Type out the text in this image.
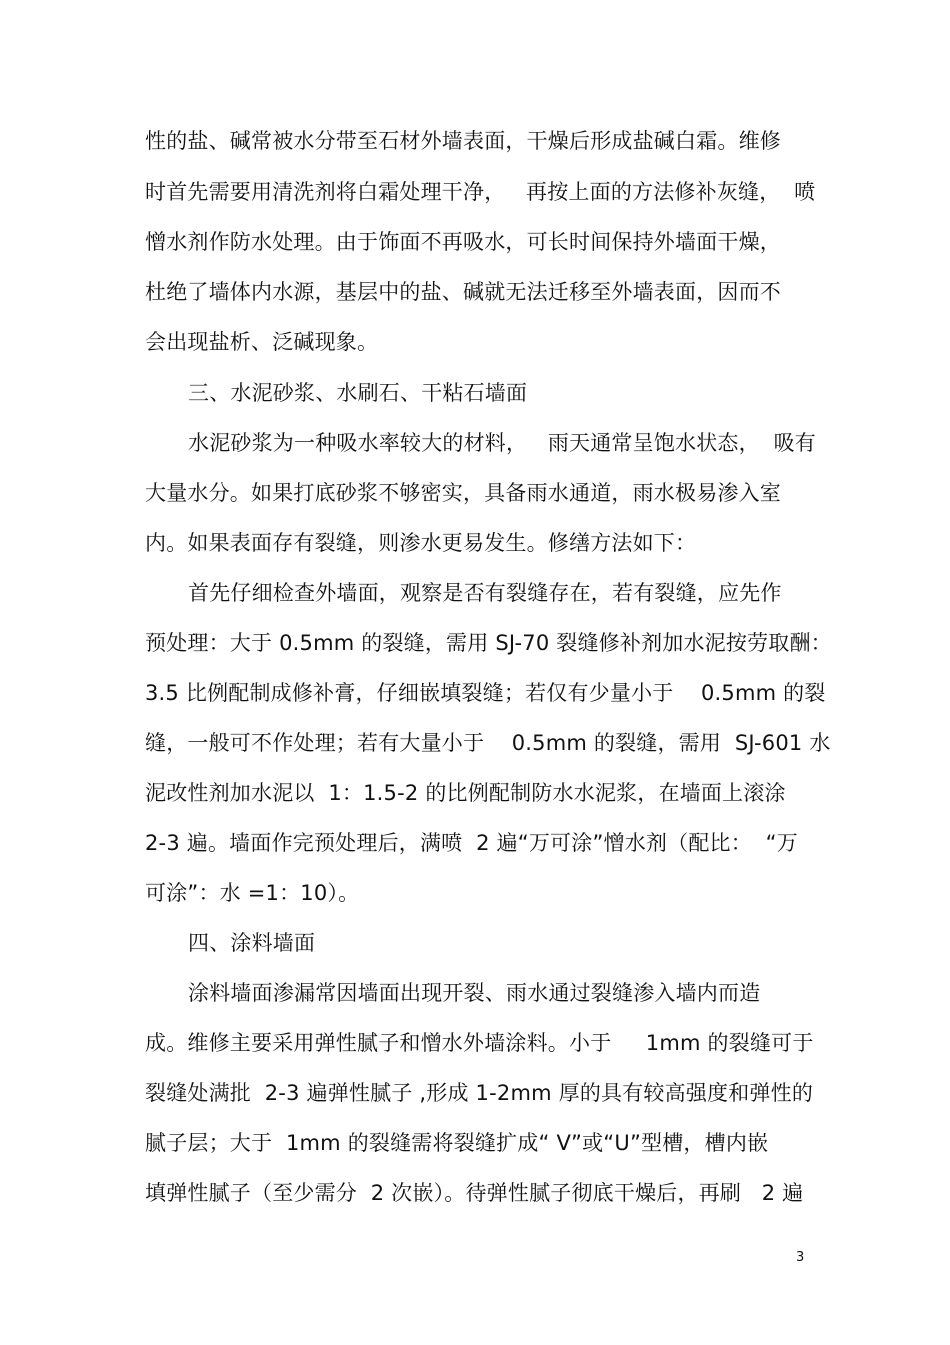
性的盐、碱常被水分带至石材外墙表面，干燥后形成盐碱白霜。维修
时首先需要用清洗剂将白霜处理干净，   再按上面的方法修补灰缝，  喷
憎水剂作防水处理。由于饰面不再吸水，可长时间保持外墙面干燥，
杜绝了墙体内水源，基层中的盐、碱就无法迁移至外墙表面，因而不
会出现盐析、泛碱现象。
三、水泥砂浆、水刷石、干粘石墙面
水泥砂浆为一种吸水率较大的材料，   雨天通常呈饱水状态，  吸有
大量水分。如果打底砂浆不够密实，具备雨水通道，雨水极易渗入室
内。如果表面存有裂缝，则渗水更易发生。修缮方法如下：
首先仔细检查外墙面，观察是否有裂缝存在，若有裂缝，应先作
预处理：大于 0.5mm 的裂缝，需用 SJ-70 裂缝修补剂加水泥按劳取酬：
3.5 比例配制成修补膏，仔细嵌填裂缝；若仅有少量小于    0.5mm 的裂
缝，一般可不作处理；若有大量小于    0.5mm 的裂缝，需用  SJ-601 水
泥改性剂加水泥以  1：1.5-2 的比例配制防水水泥浆，在墙面上滚涂
2-3 遍。墙面作完预处理后，满喷  2 遍“万可涂”憎水剂（配比：  “万
可涂”：水 =1：10）。
四、涂料墙面
涂料墙面渗漏常因墙面出现开裂、雨水通过裂缝渗入墙内而造
成。维修主要采用弹性腻子和憎水外墙涂料。小于     1mm 的裂缝可于
裂缝处满批  2-3 遍弹性腻子 ,形成 1-2mm 厚的具有较高强度和弹性的
腻子层；大于  1mm 的裂缝需将裂缝扩成“ V”或“U”型槽，槽内嵌
填弹性腻子（至少需分  2 次嵌）。待弹性腻子彻底干燥后，再刷   2 遍
3
